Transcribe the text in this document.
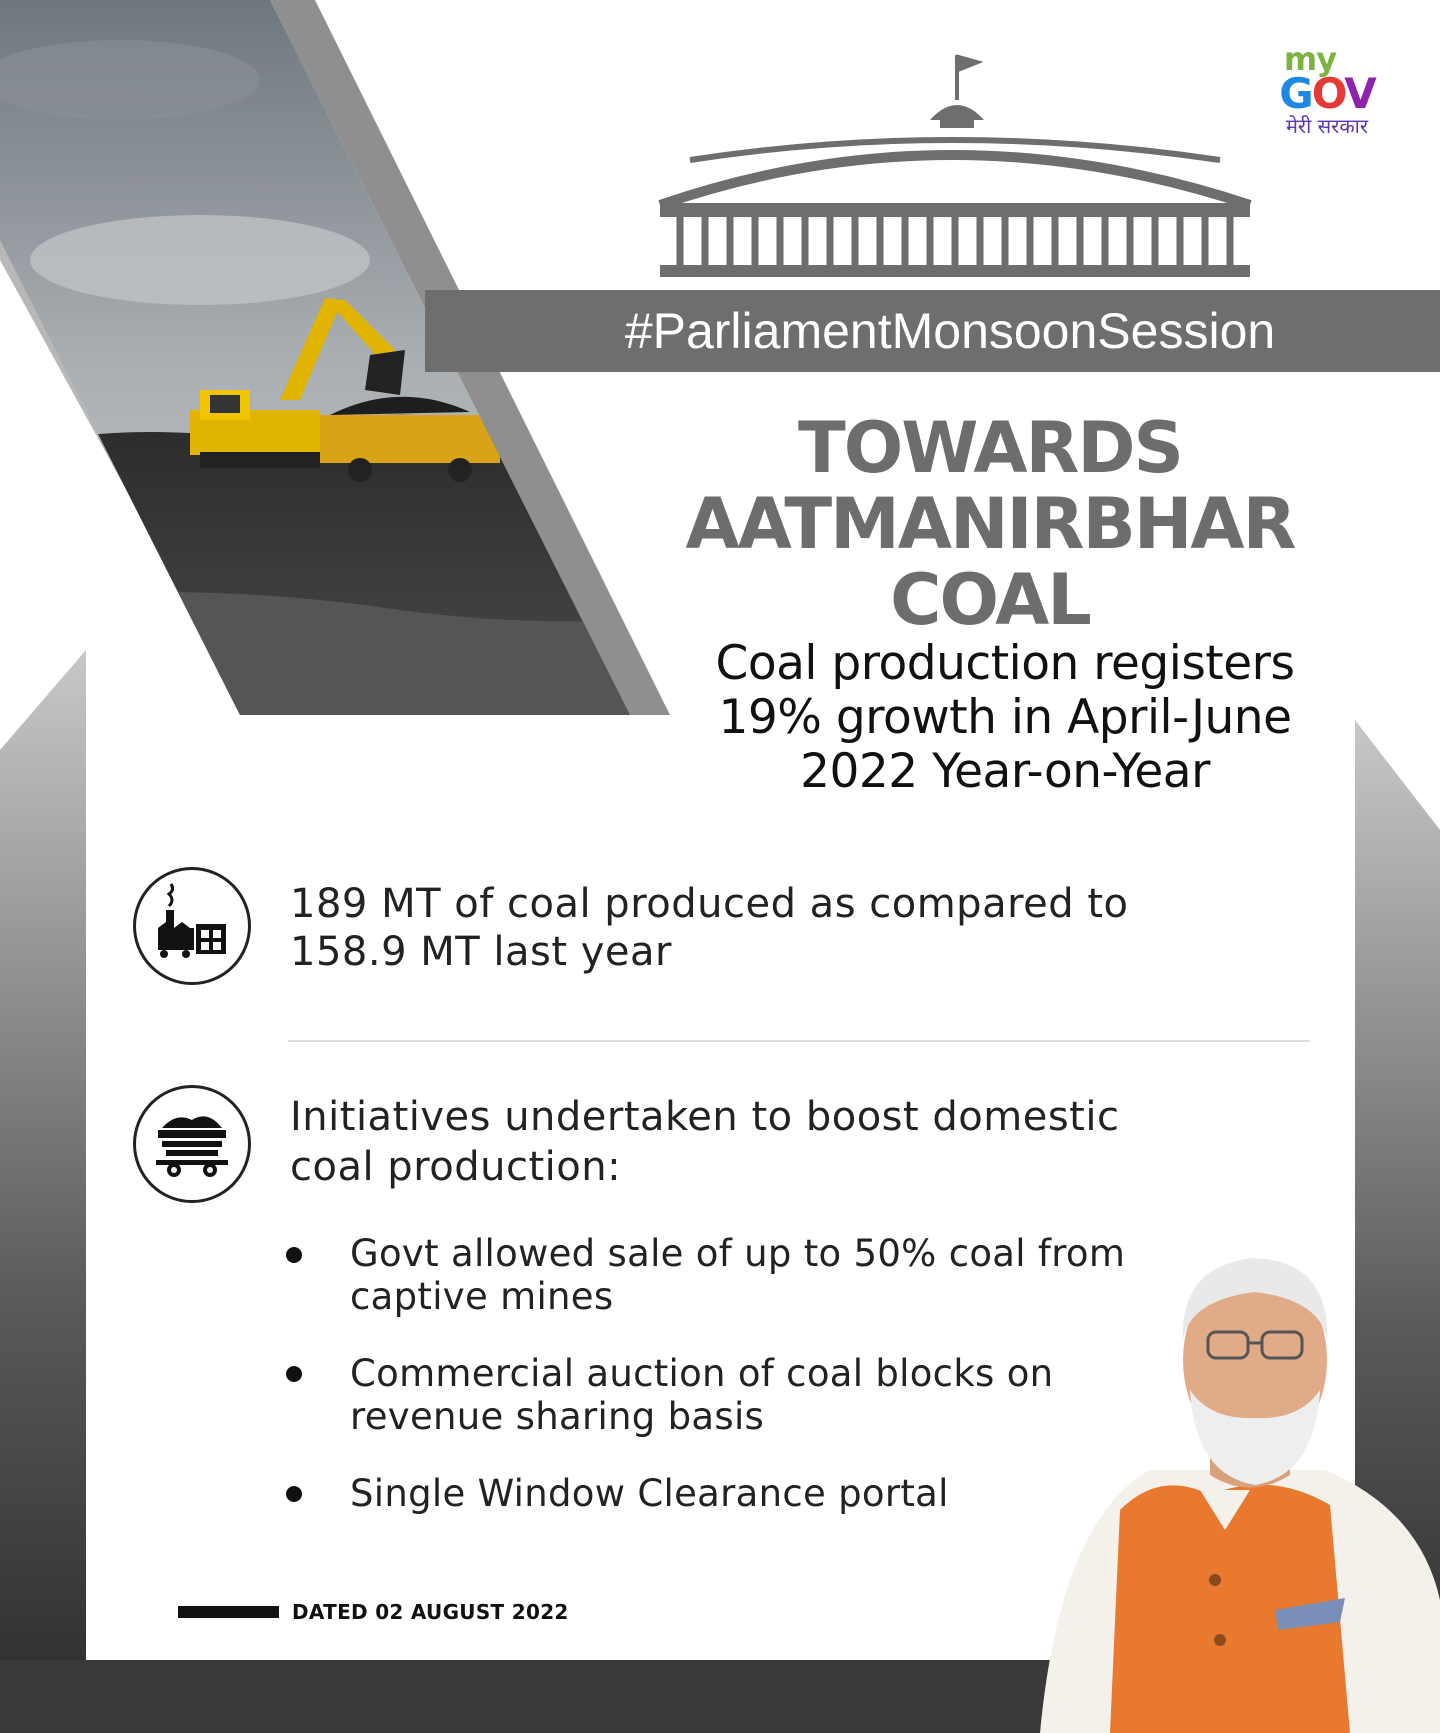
my
GOV
मेरी सरकार
#ParliamentMonsoonSession
TOWARDS
AATMANIRBHAR
COAL
Coal production registers
19% growth in April-June
2022 Year-on-Year
189 MT of coal produced as compared to
158.9 MT last year
Initiatives undertaken to boost domestic
coal production:
Govt allowed sale of up to 50% coal from
captive mines
Commercial auction of coal blocks on
revenue sharing basis
Single Window Clearance portal
DATED 02 AUGUST 2022
